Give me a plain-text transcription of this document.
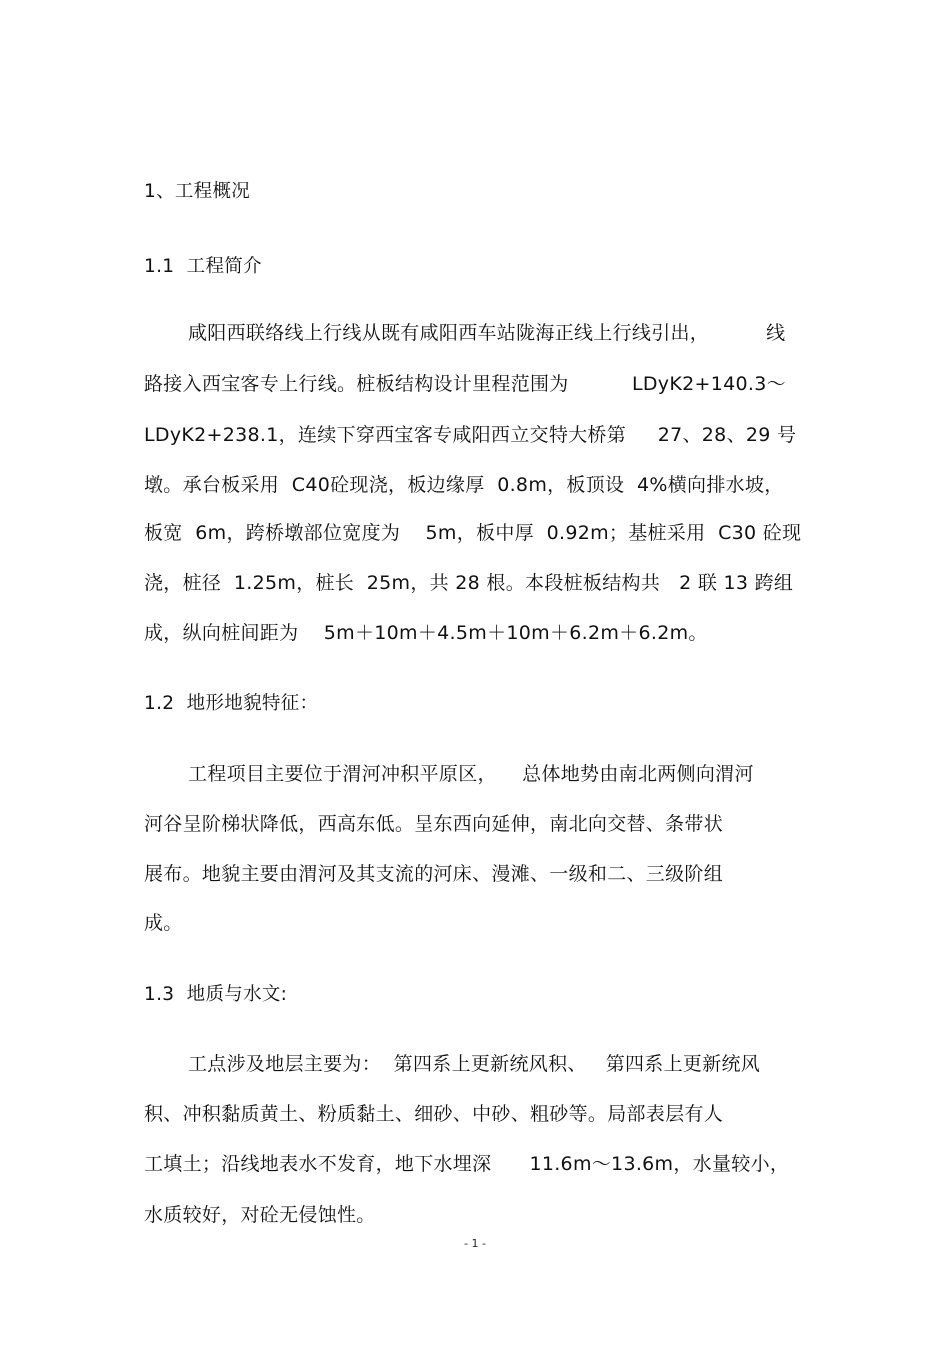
1、工程概况
1.1  工程简介
咸阳西联络线上行线从既有咸阳西车站陇海正线上行线引出，         线
路接入西宝客专上行线。桩板结构设计里程范围为          LDyK2+140.3～
LDyK2+238.1，连续下穿西宝客专咸阳西立交特大桥第     27、28、29 号
墩。承台板采用  C40砼现浇，板边缘厚  0.8m，板顶设  4%横向排水坡，
板宽  6m，跨桥墩部位宽度为    5m，板中厚  0.92m；基桩采用  C30 砼现
浇，桩径  1.25m，桩长  25m，共 28 根。本段桩板结构共   2 联 13 跨组
成，纵向桩间距为    5m＋10m＋4.5m＋10m＋6.2m＋6.2m。
1.2  地形地貌特征：
工程项目主要位于渭河冲积平原区，    总体地势由南北两侧向渭河
河谷呈阶梯状降低，西高东低。呈东西向延伸，南北向交替、条带状
展布。地貌主要由渭河及其支流的河床、漫滩、一级和二、三级阶组
成。
1.3  地质与水文:
工点涉及地层主要为：  第四系上更新统风积、   第四系上更新统风
积、冲积黏质黄土、粉质黏土、细砂、中砂、粗砂等。局部表层有人
工填土；沿线地表水不发育，地下水埋深      11.6m～13.6m，水量较小，
水质较好，对砼无侵蚀性。
- 1 -
